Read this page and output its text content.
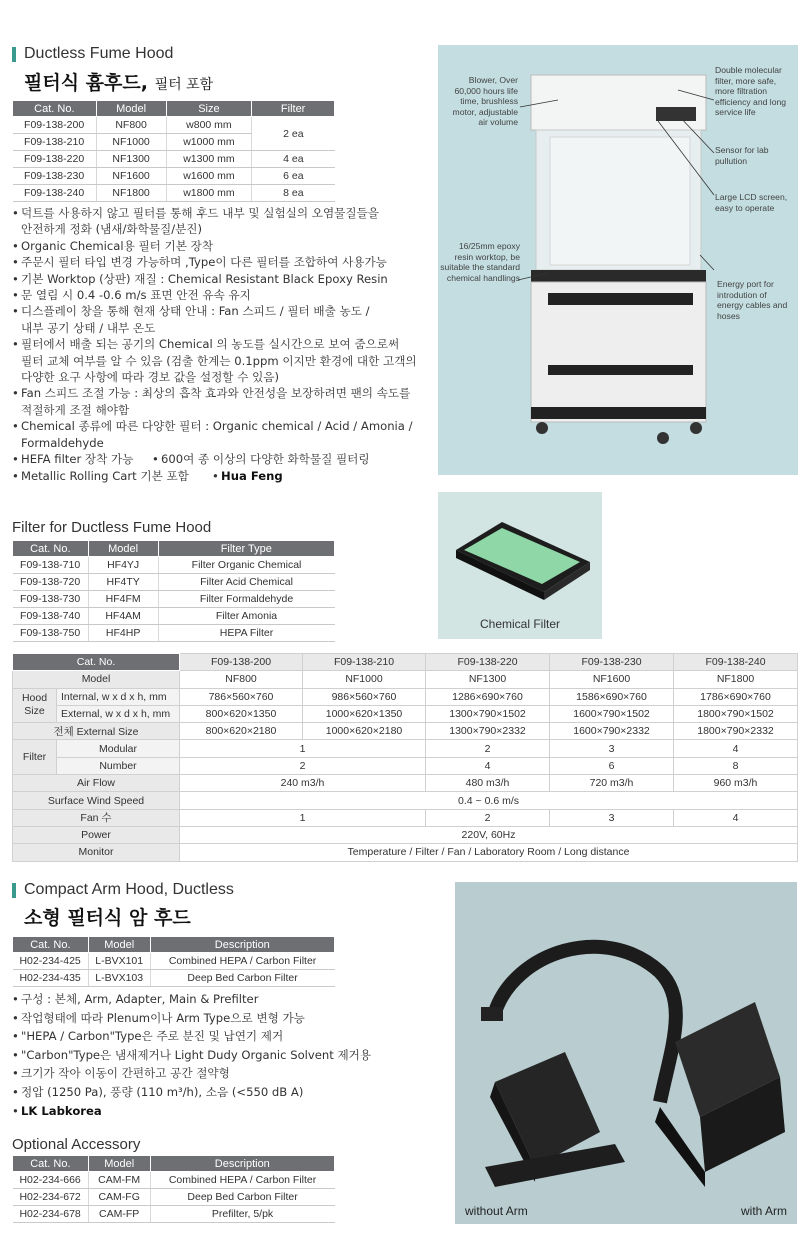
Ductless Fume Hood
필터식 흄후드, 필터 포함
Cat. No.	Model	Size	Filter
F09-138-200	NF800	w800 mm	2 ea
F09-138-210	NF1000	w1000 mm	
F09-138-220	NF1300	w1300 mm	4 ea
F09-138-230	NF1600	w1600 mm	6 ea
F09-138-240	NF1800	w1800 mm	8 ea
• 덕트를 사용하지 않고 필터를 통해 후드 내부 및 실험실의 오염물질들을
안전하게 정화 (냄새/화학물질/분진)
• Organic Chemical용 필터 기본 장착
• 주문시 필터 타입 변경 가능하며 ,Type이 다른 필터를 조합하여 사용가능
• 기본 Worktop (상판) 재질 : Chemical Resistant Black Epoxy Resin
• 문 열림 시 0.4 -0.6 m/s 표면 안전 유속 유지
• 디스플레이 창을 통해 현재 상태 안내 : Fan 스피드 / 필터 배출 농도 /
내부 공기 상태 / 내부 온도
• 필터에서 배출 되는 공기의 Chemical 의 농도를 실시간으로 보여 줌으로써
필터 교체 여부를 알 수 있음 (검출 한계는 0.1ppm 이지만 환경에 대한 고객의
다양한 요구 사항에 따라 경보 값을 설정할 수 있음)
• Fan 스피드 조절 가능 : 최상의 흡착 효과와 안전성을 보장하려면 팬의 속도를
적절하게 조절 해야함
• Chemical 종류에 따른 다양한 필터 : Organic chemical / Acid / Amonia /
Formaldehyde
• HEFA filter 장착 가능	• 600여 종 이상의 다양한 화학물질 필터링
• Metallic Rolling Cart 기본 포함	• Hua Feng
Blower, Over 60,000 hours life time, brushless motor, adjustable air volume
Double molecular filter, more safe, more filtration efficiency and long service life
Sensor for lab pullution
Large LCD screen, easy to operate
16/25mm epoxy resin worktop, be suitable the standard chemical handlings
Energy port for introdution of energy cables and hoses
Filter for Ductless Fume Hood
Cat. No.	Model	Filter Type
F09-138-710	HF4YJ	Filter Organic Chemical
F09-138-720	HF4TY	Filter Acid Chemical
F09-138-730	HF4FM	Filter Formaldehyde
F09-138-740	HF4AM	Filter Amonia
F09-138-750	HF4HP	HEPA Filter
Chemical Filter
Cat. No.		F09-138-200	F09-138-210	F09-138-220	F09-138-230	F09-138-240
Model		NF800	NF1000	NF1300	NF1600	NF1800
Hood Size	Internal, w x d x h, mm	786×560×760	986×560×760	1286×690×760	1586×690×760	1786×690×760
	External, w x d x h, mm	800×620×1350	1000×620×1350	1300×790×1502	1600×790×1502	1800×790×1502
전체 External Size		800×620×2180	1000×620×2180	1300×790×2332	1600×790×2332	1800×790×2332
Filter	Modular	1		2	3	4
	Number	2		4	6	8
Air Flow		240 m3/h		480 m3/h	720 m3/h	960 m3/h
Surface Wind Speed		0.4 ~ 0.6 m/s				
Fan 수		1		2	3	4
Power		220V, 60Hz				
Monitor		Temperature / Filter / Fan / Laboratory Room / Long distance				
Compact Arm Hood, Ductless
소형 필터식 암 후드
Cat. No.	Model	Description
H02-234-425	L-BVX101	Combined HEPA / Carbon Filter
H02-234-435	L-BVX103	Deep Bed Carbon Filter
• 구성 : 본체, Arm, Adapter, Main & Prefilter
• 작업형태에 따라 Plenum이나 Arm Type으로 변형 가능
• "HEPA / Carbon"Type은 주로 분진 및 납연기 제거
• "Carbon"Type은 냄새제거나 Light Dudy Organic Solvent 제거용
• 크기가 작아 이동이 간편하고 공간 절약형
• 정압 (1250 Pa), 풍량 (110 m³/h), 소음 (<550 dB A)
• LK Labkorea
Optional Accessory
Cat. No.	Model	Description
H02-234-666	CAM-FM	Combined HEPA / Carbon Filter
H02-234-672	CAM-FG	Deep Bed Carbon Filter
H02-234-678	CAM-FP	Prefilter, 5/pk	without Arm	with Arm
